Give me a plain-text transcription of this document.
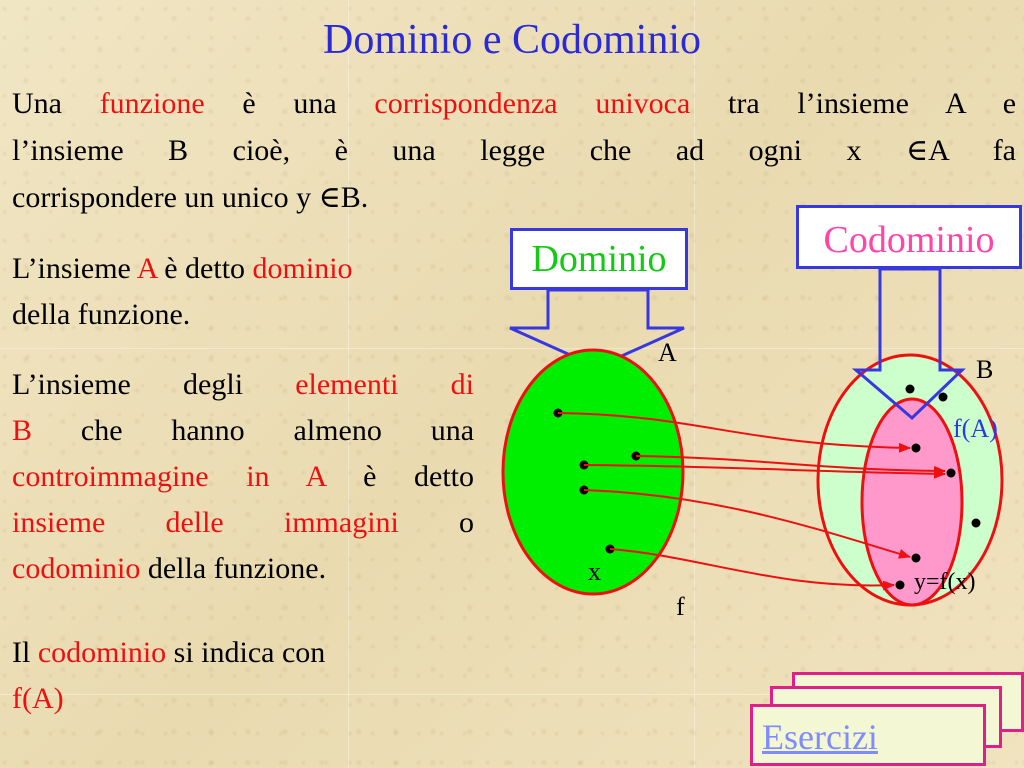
Dominio e Codominio
Una funzione è una corrispondenza univoca tra l’insieme A e
l’insieme B cioè, è una legge che ad ogni x ∈A fa
corrispondere un unico y ∈B.
L’insieme A è detto dominio
della funzione.
L’insieme degli elementi di
B che hanno almeno una
controimmagine in A è detto
insieme delle immagini o
codominio della funzione.
Il codominio si indica con
f(A)
Dominio	Codominio
A
B
f(A)
x
f
y=f(x)
Esercizi
